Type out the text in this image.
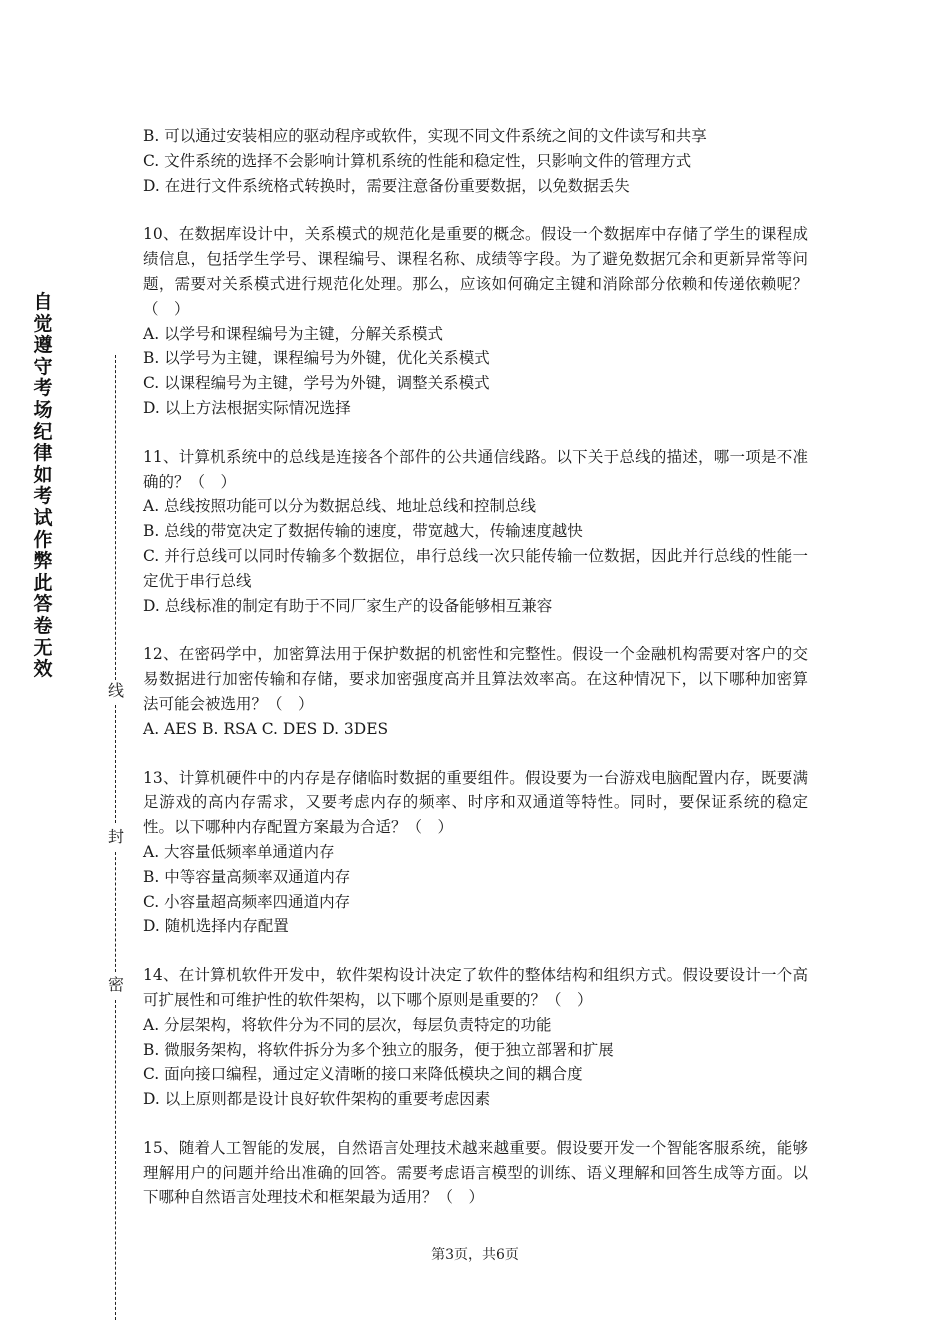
自觉遵守考场纪律如考试作弊此答卷无效
线
封
密
B. 可以通过安装相应的驱动程序或软件，实现不同文件系统之间的文件读写和共享
C. 文件系统的选择不会影响计算机系统的性能和稳定性，只影响文件的管理方式
D. 在进行文件系统格式转换时，需要注意备份重要数据，以免数据丢失
10、在数据库设计中，关系模式的规范化是重要的概念。假设一个数据库中存储了学生的课程成绩信息，包括学生学号、课程编号、课程名称、成绩等字段。为了避免数据冗余和更新异常等问题，需要对关系模式进行规范化处理。那么，应该如何确定主键和消除部分依赖和传递依赖呢？（　）
A. 以学号和课程编号为主键，分解关系模式
B. 以学号为主键，课程编号为外键，优化关系模式
C. 以课程编号为主键，学号为外键，调整关系模式
D. 以上方法根据实际情况选择
11、计算机系统中的总线是连接各个部件的公共通信线路。以下关于总线的描述，哪一项是不准确的？（　）
A. 总线按照功能可以分为数据总线、地址总线和控制总线
B. 总线的带宽决定了数据传输的速度，带宽越大，传输速度越快
C. 并行总线可以同时传输多个数据位，串行总线一次只能传输一位数据，因此并行总线的性能一定优于串行总线
D. 总线标准的制定有助于不同厂家生产的设备能够相互兼容
12、在密码学中，加密算法用于保护数据的机密性和完整性。假设一个金融机构需要对客户的交易数据进行加密传输和存储，要求加密强度高并且算法效率高。在这种情况下，以下哪种加密算法可能会被选用？（　）
A. AES B. RSA C. DES D. 3DES
13、计算机硬件中的内存是存储临时数据的重要组件。假设要为一台游戏电脑配置内存，既要满足游戏的高内存需求，又要考虑内存的频率、时序和双通道等特性。同时，要保证系统的稳定性。以下哪种内存配置方案最为合适？（　）
A. 大容量低频率单通道内存
B. 中等容量高频率双通道内存
C. 小容量超高频率四通道内存
D. 随机选择内存配置
14、在计算机软件开发中，软件架构设计决定了软件的整体结构和组织方式。假设要设计一个高可扩展性和可维护性的软件架构，以下哪个原则是重要的？（　）
A. 分层架构，将软件分为不同的层次，每层负责特定的功能
B. 微服务架构，将软件拆分为多个独立的服务，便于独立部署和扩展
C. 面向接口编程，通过定义清晰的接口来降低模块之间的耦合度
D. 以上原则都是设计良好软件架构的重要考虑因素
15、随着人工智能的发展，自然语言处理技术越来越重要。假设要开发一个智能客服系统，能够理解用户的问题并给出准确的回答。需要考虑语言模型的训练、语义理解和回答生成等方面。以下哪种自然语言处理技术和框架最为适用？（　）
第3页，共6页
